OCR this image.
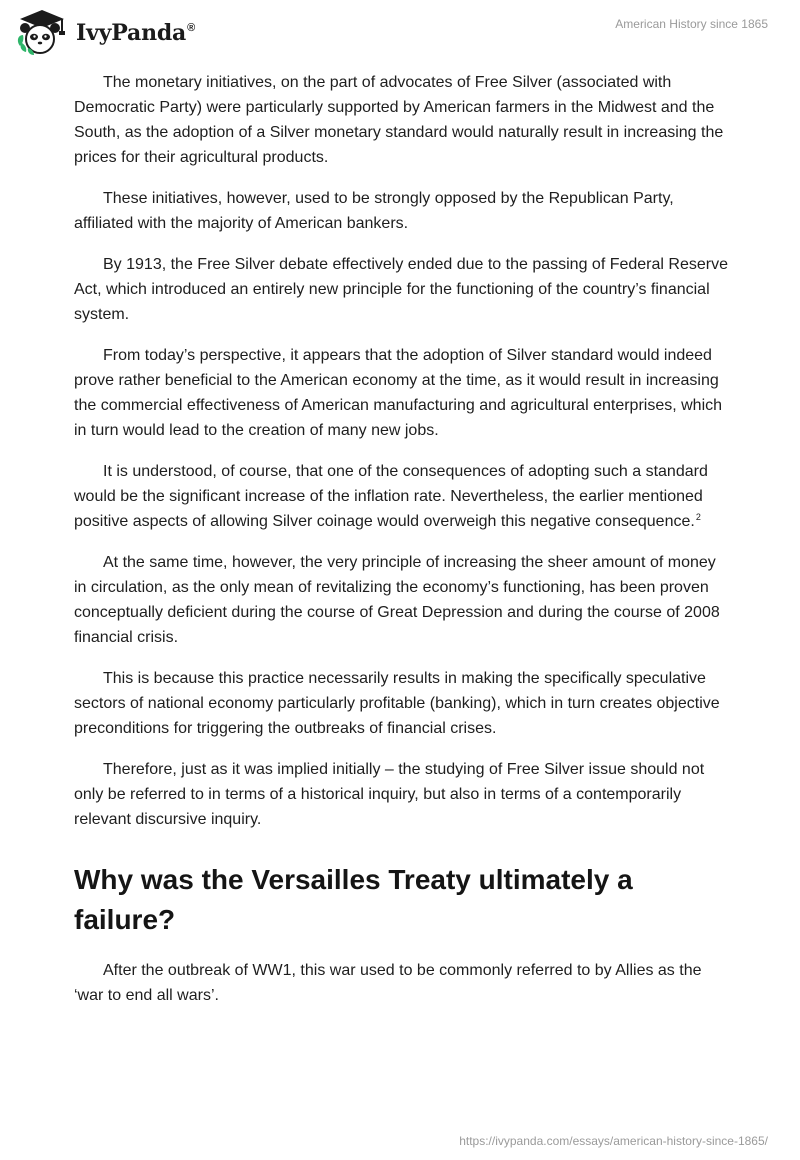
IvyPanda®	American History since 1865

The monetary initiatives, on the part of advocates of Free Silver (associated with Democratic Party) were particularly supported by American farmers in the Midwest and the South, as the adoption of a Silver monetary standard would naturally result in increasing the prices for their agricultural products.

These initiatives, however, used to be strongly opposed by the Republican Party, affiliated with the majority of American bankers.

By 1913, the Free Silver debate effectively ended due to the passing of Federal Reserve Act, which introduced an entirely new principle for the functioning of the country’s financial system.

From today’s perspective, it appears that the adoption of Silver standard would indeed prove rather beneficial to the American economy at the time, as it would result in increasing the commercial effectiveness of American manufacturing and agricultural enterprises, which in turn would lead to the creation of many new jobs.

It is understood, of course, that one of the consequences of adopting such a standard would be the significant increase of the inflation rate. Nevertheless, the earlier mentioned positive aspects of allowing Silver coinage would overweigh this negative consequence.$^2$

At the same time, however, the very principle of increasing the sheer amount of money in circulation, as the only mean of revitalizing the economy’s functioning, has been proven conceptually deficient during the course of Great Depression and during the course of 2008 financial crisis.

This is because this practice necessarily results in making the specifically speculative sectors of national economy particularly profitable (banking), which in turn creates objective preconditions for triggering the outbreaks of financial crises.

Therefore, just as it was implied initially – the studying of Free Silver issue should not only be referred to in terms of a historical inquiry, but also in terms of a contemporarily relevant discursive inquiry.

Why was the Versailles Treaty ultimately a failure?

After the outbreak of WW1, this war used to be commonly referred to by Allies as the ‘war to end all wars’.

https://ivypanda.com/essays/american-history-since-1865/
